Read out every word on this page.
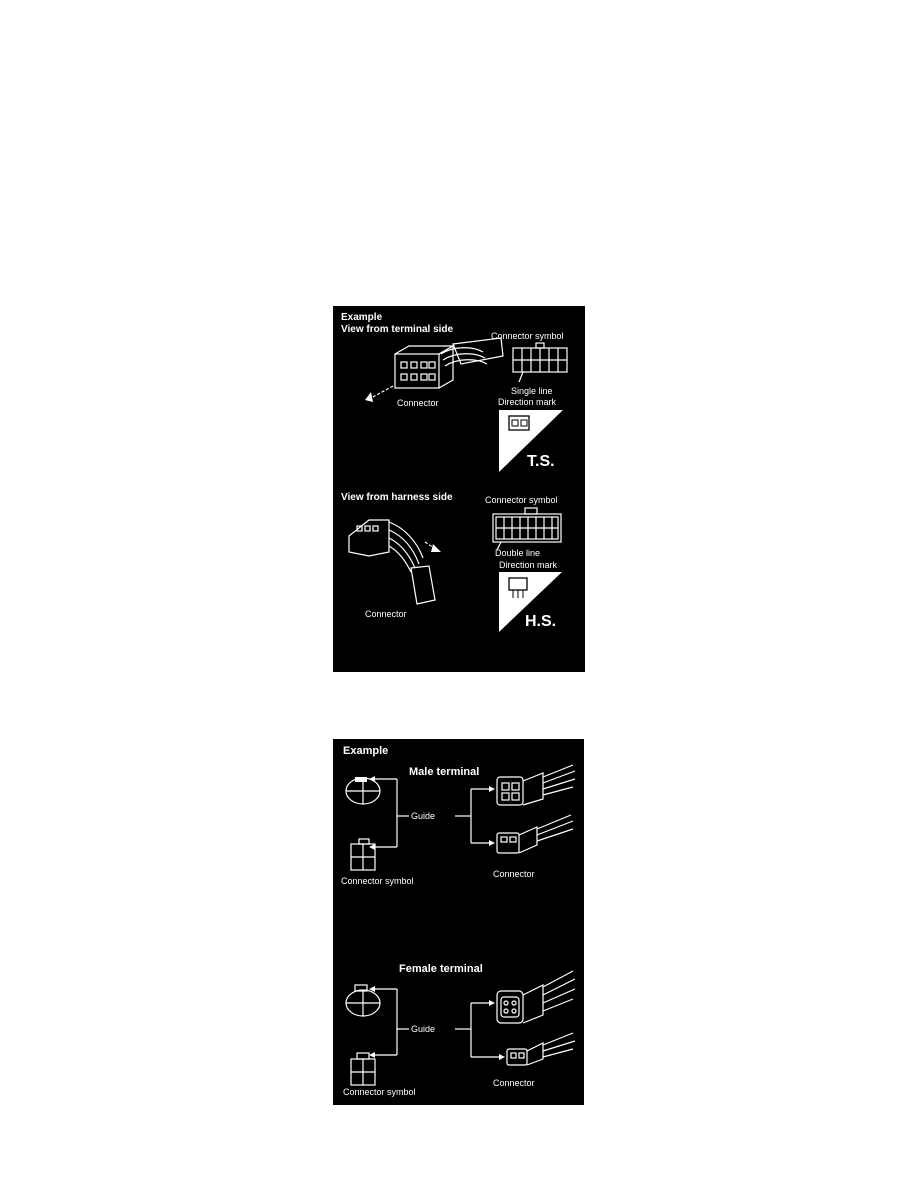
Example
View from terminal side
Connector
Connector symbol
Single line
Direction mark
T.S.
View from harness side
Connector
Connector symbol
Double line
Direction mark
H.S.
Example
Male terminal
Guide
Connector symbol
Connector
Female terminal
Guide
Connector symbol
Connector
